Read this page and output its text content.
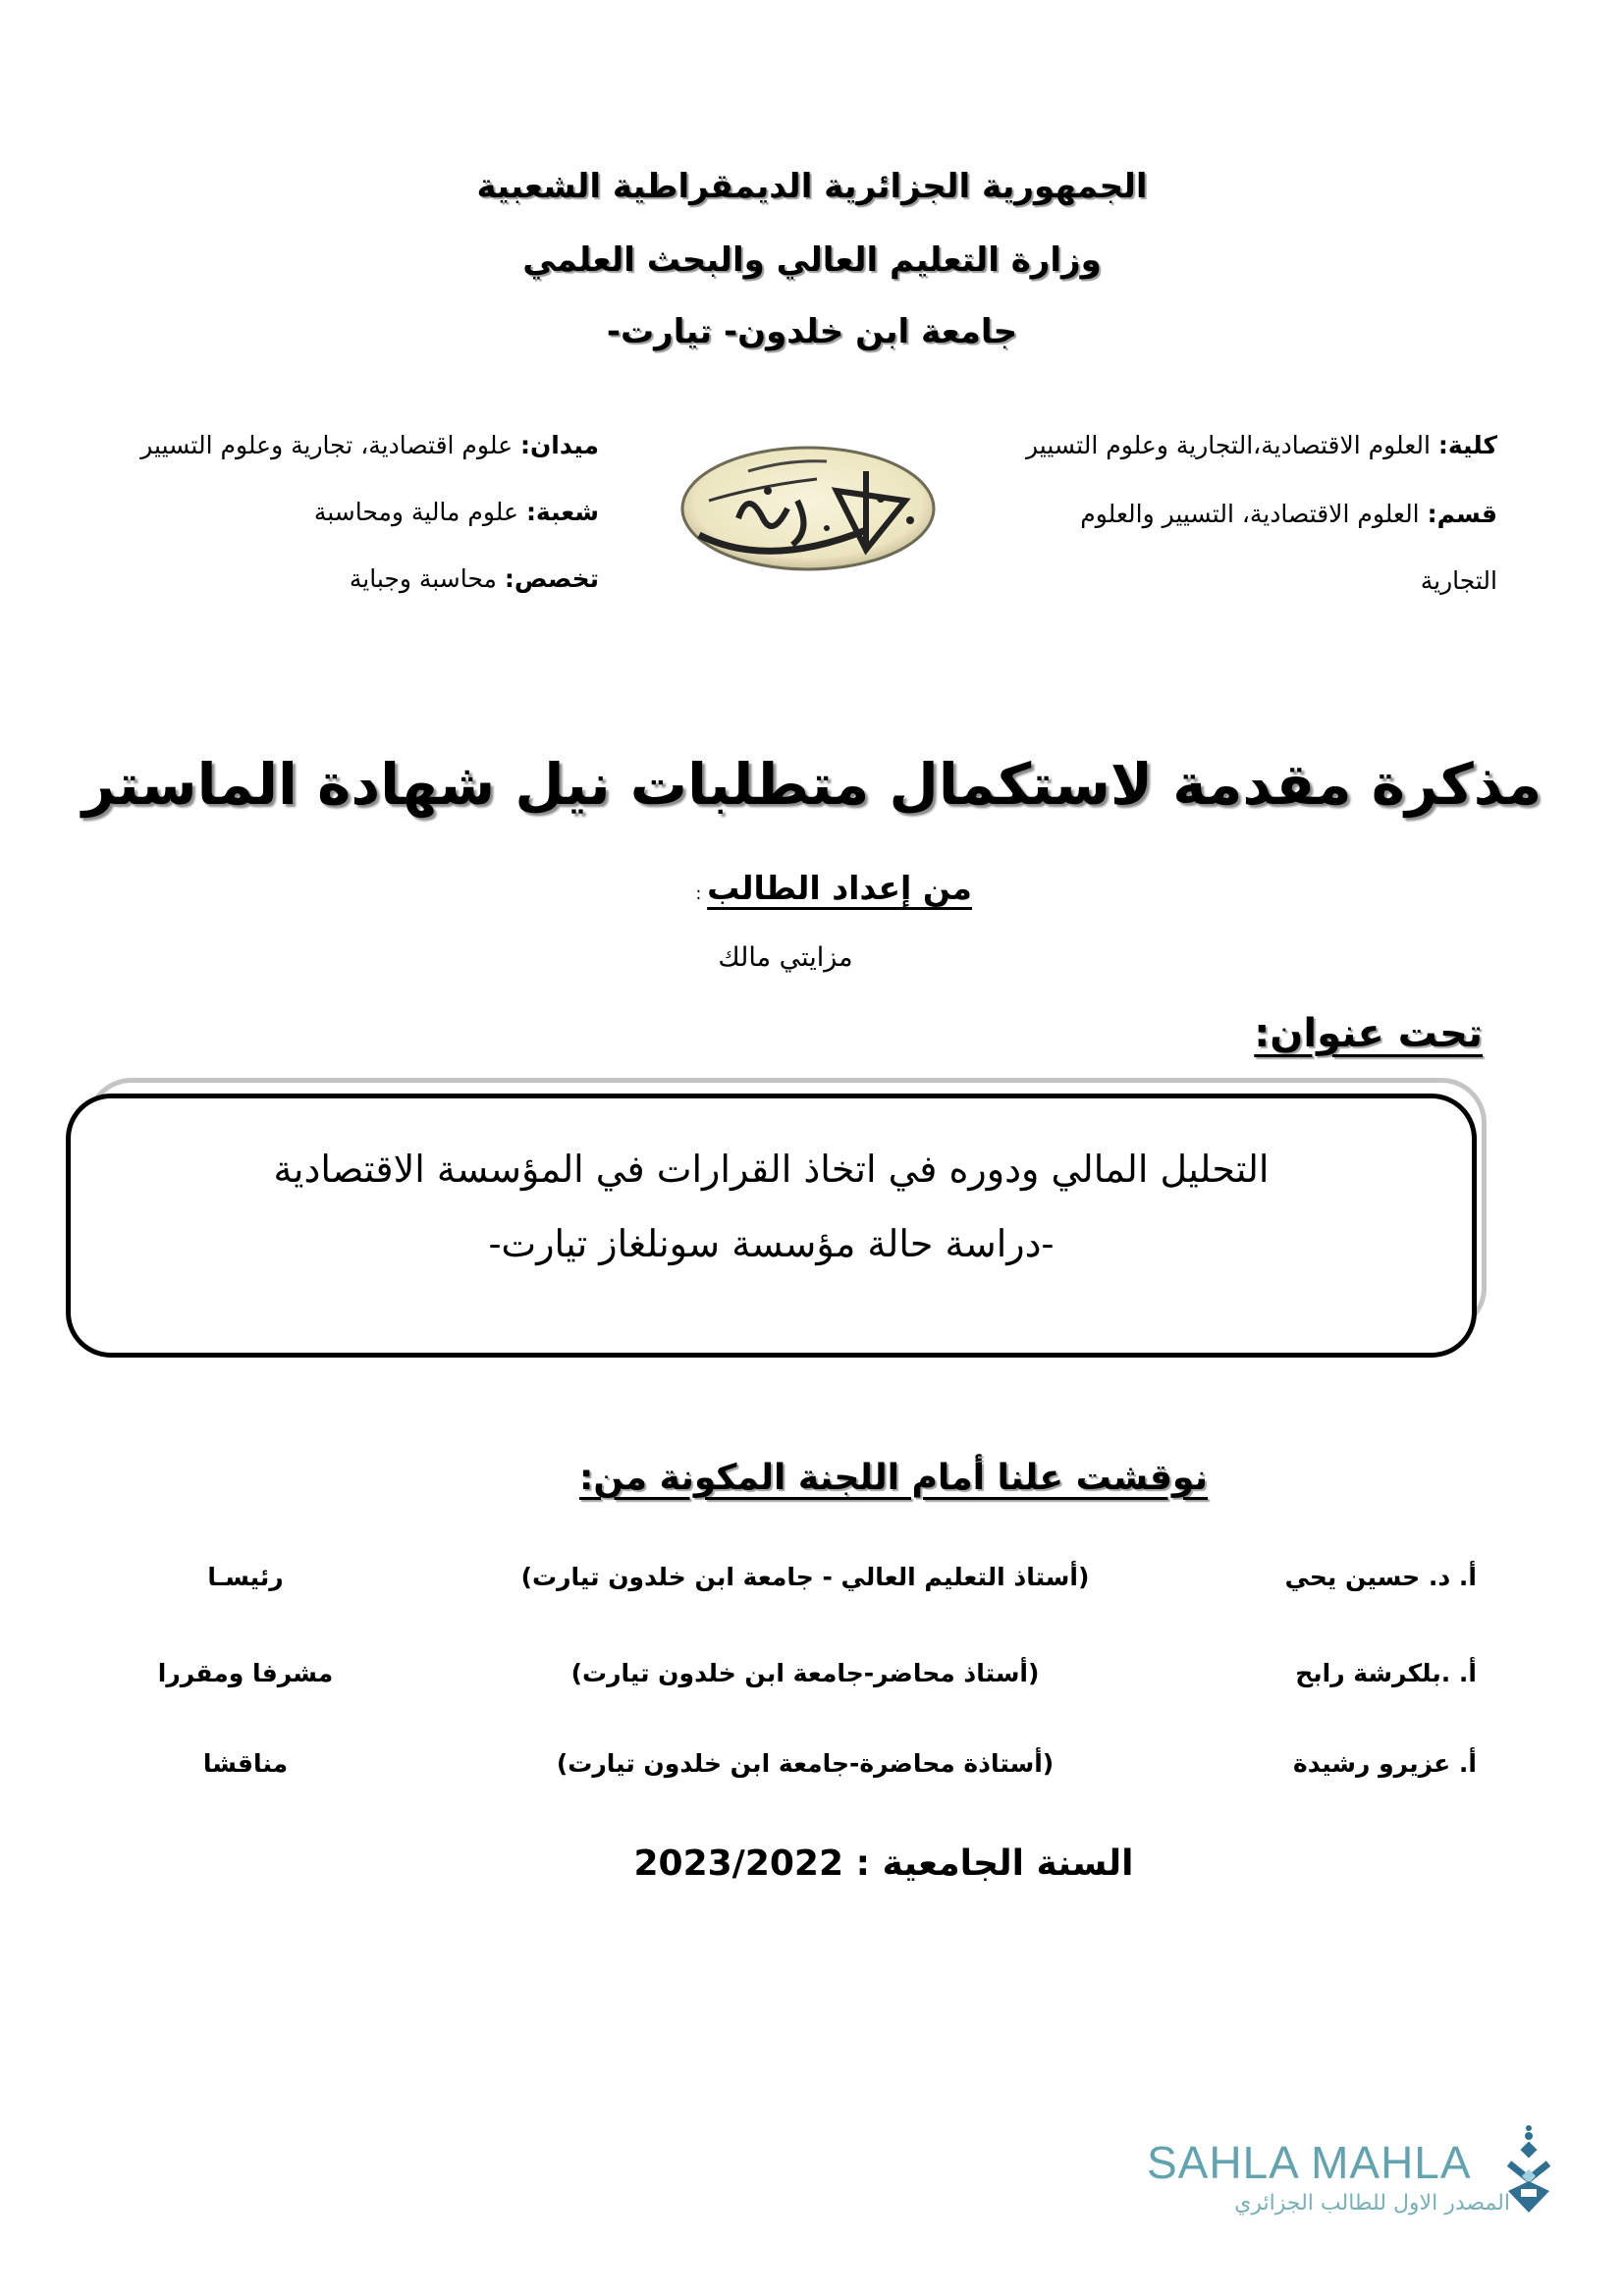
الجمهورية الجزائرية الديمقراطية الشعبية
وزارة التعليم العالي والبحث العلمي
جامعة ابن خلدون- تيارت-
كلية: العلوم الاقتصادية،التجارية وعلوم التسيير
قسم: العلوم الاقتصادية، التسيير والعلوم التجارية
ميدان: علوم اقتصادية، تجارية وعلوم التسيير
شعبة: علوم مالية ومحاسبة
تخصص: محاسبة وجباية
مذكرة مقدمة لاستكمال متطلبات نيل شهادة الماستر
من إعداد الطالب :
مزايتي مالك
تحت عنوان:
التحليل المالي ودوره في اتخاذ القرارات في المؤسسة الاقتصادية
-دراسة حالة مؤسسة سونلغاز تيارت-
نوقشت علنا أمام اللجنة المكونة من:
أ. د. حسين يحي
(أستاذ التعليم العالي - جامعة ابن خلدون تيارت)
رئيسـا
أ. .بلكرشة رابح
(أستاذ محاضر-جامعة ابن خلدون تيارت)
مشرفا ومقررا
أ. عزيرو رشيدة
(أستاذة محاضرة-جامعة ابن خلدون تيارت)
مناقشا
السنة الجامعية : 2023/2022
SAHLA MAHLA
المصدر الاول للطالب الجزائري
